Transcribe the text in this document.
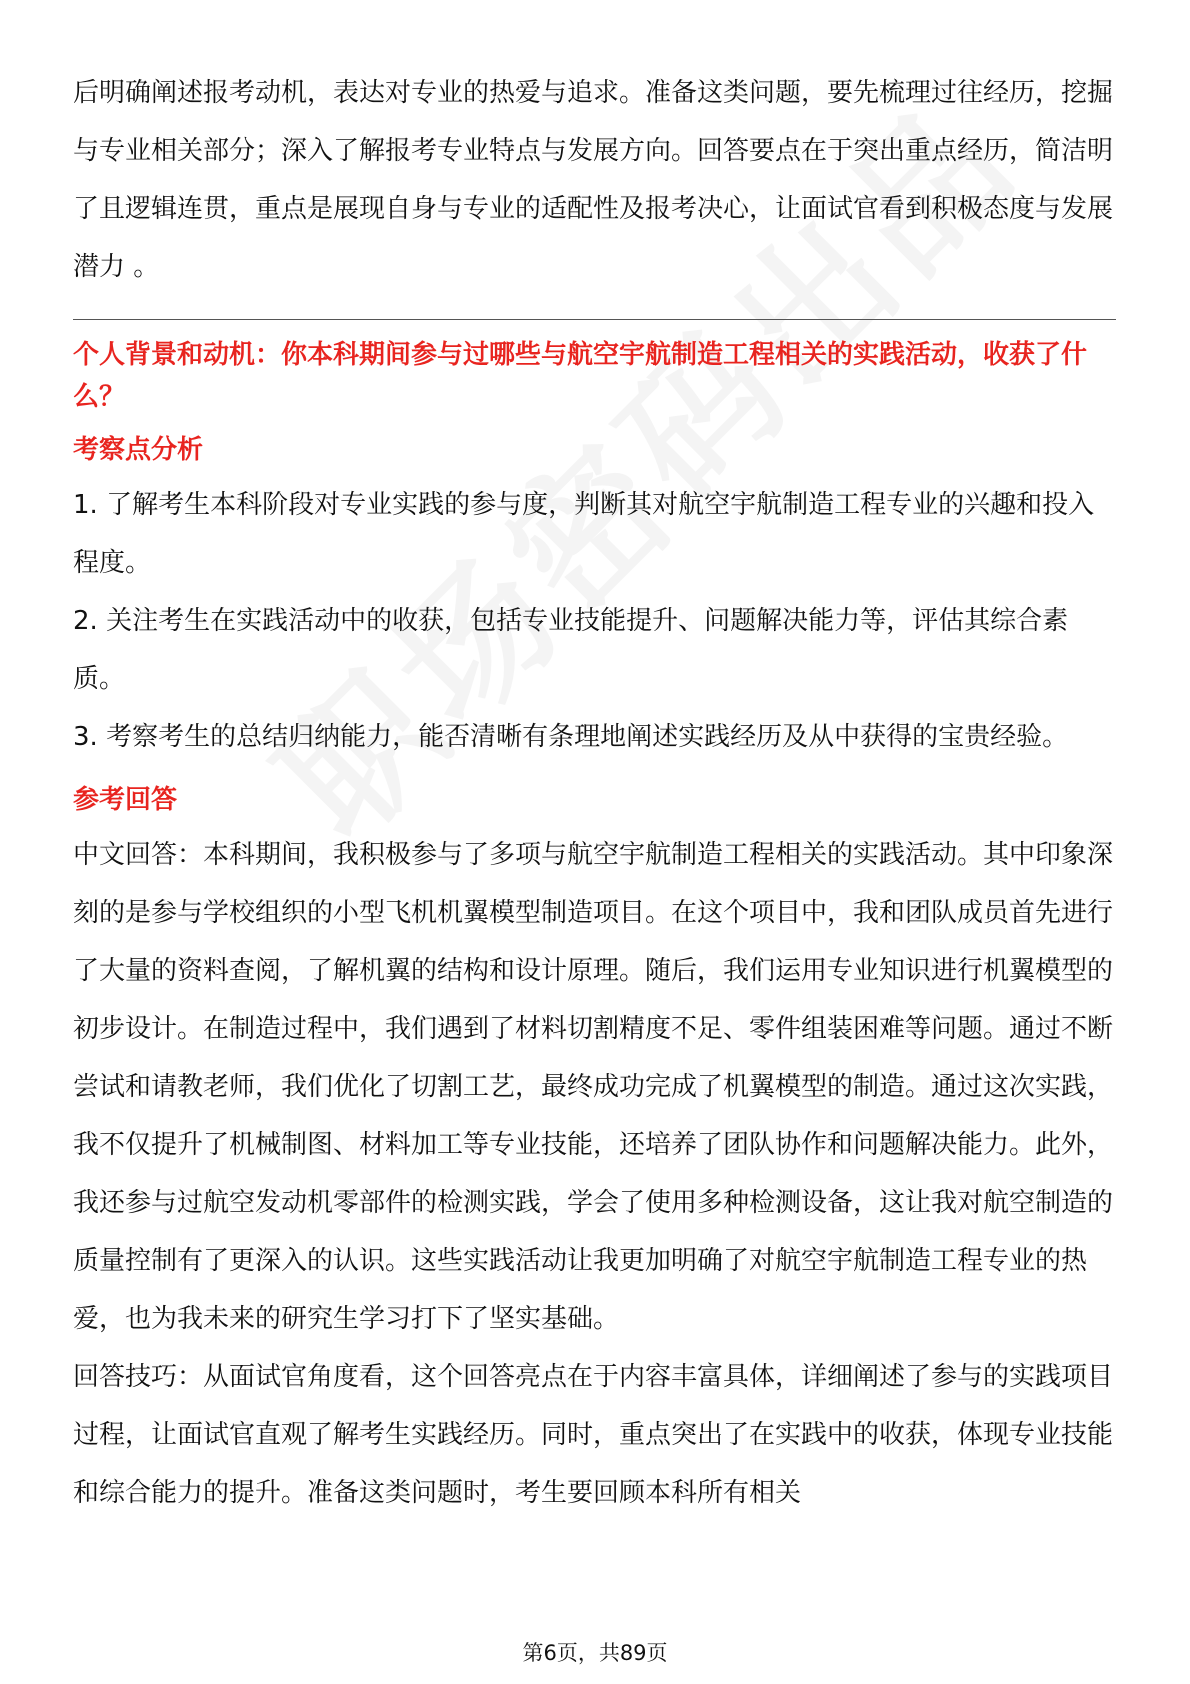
后明确阐述报考动机，表达对专业的热爱与追求。准备这类问题，要先梳理过往经历，挖掘与专业相关部分；深入了解报考专业特点与发展方向。回答要点在于突出重点经历，简洁明了且逻辑连贯，重点是展现自身与专业的适配性及报考决心，让面试官看到积极态度与发展潜力 。

个人背景和动机：你本科期间参与过哪些与航空宇航制造工程相关的实践活动，收获了什么？

考察点分析

1. 了解考生本科阶段对专业实践的参与度，判断其对航空宇航制造工程专业的兴趣和投入程度。

2. 关注考生在实践活动中的收获，包括专业技能提升、问题解决能力等，评估其综合素质。

3. 考察考生的总结归纳能力，能否清晰有条理地阐述实践经历及从中获得的宝贵经验。

参考回答

中文回答：本科期间，我积极参与了多项与航空宇航制造工程相关的实践活动。其中印象深刻的是参与学校组织的小型飞机机翼模型制造项目。在这个项目中，我和团队成员首先进行了大量的资料查阅，了解机翼的结构和设计原理。随后，我们运用专业知识进行机翼模型的初步设计。在制造过程中，我们遇到了材料切割精度不足、零件组装困难等问题。通过不断尝试和请教老师，我们优化了切割工艺，最终成功完成了机翼模型的制造。通过这次实践，我不仅提升了机械制图、材料加工等专业技能，还培养了团队协作和问题解决能力。此外，我还参与过航空发动机零部件的检测实践，学会了使用多种检测设备，这让我对航空制造的质量控制有了更深入的认识。这些实践活动让我更加明确了对航空宇航制造工程专业的热爱，也为我未来的研究生学习打下了坚实基础。

回答技巧：从面试官角度看，这个回答亮点在于内容丰富具体，详细阐述了参与的实践项目过程，让面试官直观了解考生实践经历。同时，重点突出了在实践中的收获，体现专业技能和综合能力的提升。准备这类问题时，考生要回顾本科所有相关

第6页，共89页
